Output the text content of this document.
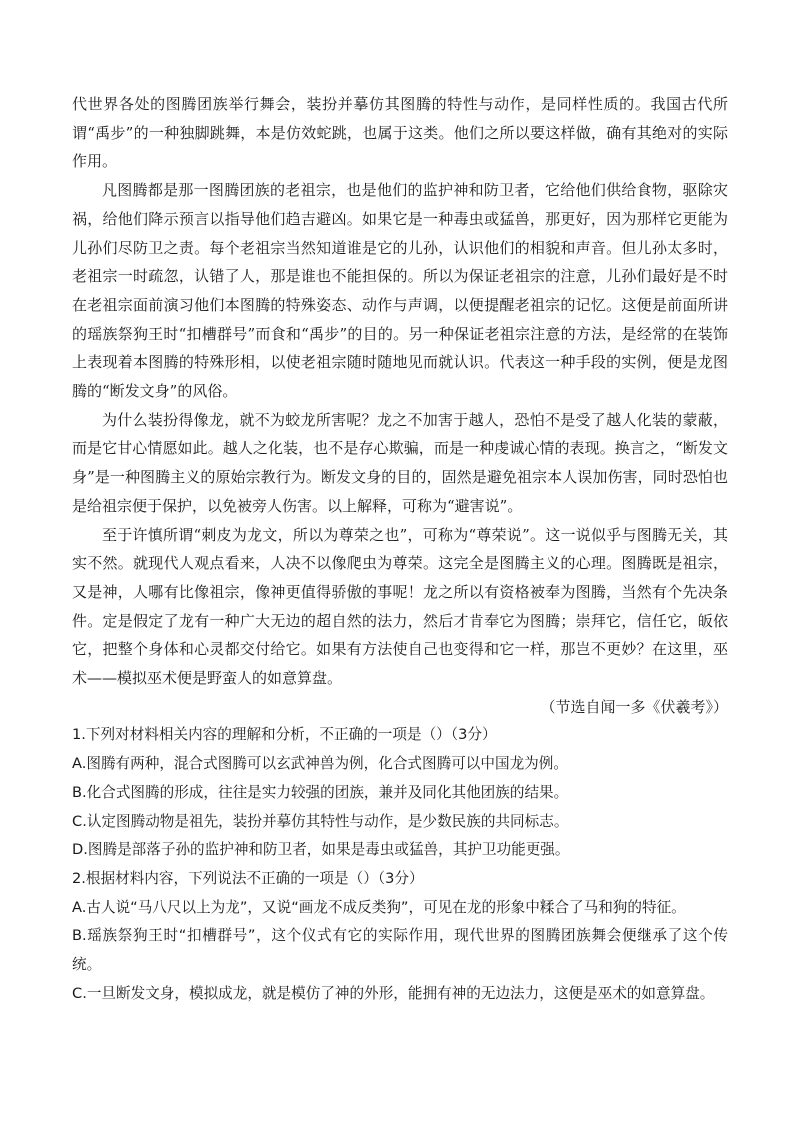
代世界各处的图腾团族举行舞会，装扮并摹仿其图腾的特性与动作，是同样性质的。我国古代所谓“禹步”的一种独脚跳舞，本是仿效蛇跳，也属于这类。他们之所以要这样做，确有其绝对的实际作用。

凡图腾都是那一图腾团族的老祖宗，也是他们的监护神和防卫者，它给他们供给食物，驱除灾祸，给他们降示预言以指导他们趋吉避凶。如果它是一种毒虫或猛兽，那更好，因为那样它更能为儿孙们尽防卫之责。每个老祖宗当然知道谁是它的儿孙，认识他们的相貌和声音。但儿孙太多时，老祖宗一时疏忽，认错了人，那是谁也不能担保的。所以为保证老祖宗的注意，儿孙们最好是不时在老祖宗面前演习他们本图腾的特殊姿态、动作与声调，以便提醒老祖宗的记忆。这便是前面所讲的瑶族祭狗王时“扣槽群号”而食和“禹步”的目的。另一种保证老祖宗注意的方法，是经常的在装饰上表现着本图腾的特殊形相，以使老祖宗随时随地见而就认识。代表这一种手段的实例，便是龙图腾的“断发文身”的风俗。

为什么装扮得像龙，就不为蛟龙所害呢？龙之不加害于越人，恐怕不是受了越人化装的蒙蔽，而是它甘心情愿如此。越人之化装，也不是存心欺骗，而是一种虔诚心情的表现。换言之，“断发文身”是一种图腾主义的原始宗教行为。断发文身的目的，固然是避免祖宗本人误加伤害，同时恐怕也是给祖宗便于保护，以免被旁人伤害。以上解释，可称为“避害说”。

至于许慎所谓“刺皮为龙文，所以为尊荣之也”，可称为“尊荣说”。这一说似乎与图腾无关，其实不然。就现代人观点看来，人决不以像爬虫为尊荣。这完全是图腾主义的心理。图腾既是祖宗，又是神，人哪有比像祖宗，像神更值得骄傲的事呢！龙之所以有资格被奉为图腾，当然有个先决条件。定是假定了龙有一种广大无边的超自然的法力，然后才肯奉它为图腾；崇拜它，信任它，皈依它，把整个身体和心灵都交付给它。如果有方法使自己也变得和它一样，那岂不更妙？在这里，巫术——模拟巫术便是野蛮人的如意算盘。

（节选自闻一多《伏羲考》）

1.下列对材料相关内容的理解和分析，不正确的一项是（）（3分）

A.图腾有两种，混合式图腾可以玄武神兽为例，化合式图腾可以中国龙为例。

B.化合式图腾的形成，往往是实力较强的团族，兼并及同化其他团族的结果。

C.认定图腾动物是祖先，装扮并摹仿其特性与动作，是少数民族的共同标志。

D.图腾是部落子孙的监护神和防卫者，如果是毒虫或猛兽，其护卫功能更强。

2.根据材料内容，下列说法不正确的一项是（）（3分）

A.古人说“马八尺以上为龙”，又说“画龙不成反类狗”，可见在龙的形象中糅合了马和狗的特征。

B.瑶族祭狗王时“扣槽群号”，这个仪式有它的实际作用，现代世界的图腾团族舞会便继承了这个传统。

C.一旦断发文身，模拟成龙，就是模仿了神的外形，能拥有神的无边法力，这便是巫术的如意算盘。
